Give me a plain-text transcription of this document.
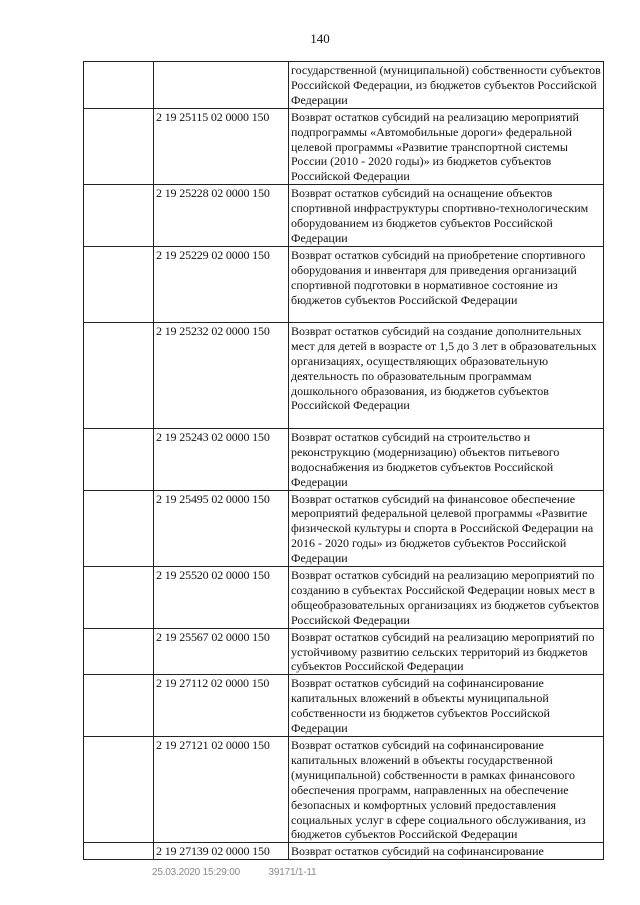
140
		государственной (муниципальной) собственности субъектов Российской Федерации, из бюджетов субъектов Российской Федерации
	2 19 25115 02 0000 150	Возврат остатков субсидий на реализацию мероприятий подпрограммы «Автомобильные дороги» федеральной целевой программы «Развитие транспортной системы России (2010 - 2020 годы)» из бюджетов субъектов Российской Федерации
	2 19 25228 02 0000 150	Возврат остатков субсидий на оснащение объектов спортивной инфраструктуры спортивно-технологическим оборудованием из бюджетов субъектов Российской Федерации
	2 19 25229 02 0000 150	Возврат остатков субсидий на приобретение спортивного оборудования и инвентаря для приведения организаций спортивной подготовки в нормативное состояние из бюджетов субъектов Российской Федерации
	2 19 25232 02 0000 150	Возврат остатков субсидий на создание дополнительных мест для детей в возрасте от 1,5 до 3 лет в образовательных организациях, осуществляющих образовательную деятельность по образовательным программам дошкольного образования, из бюджетов субъектов Российской Федерации
	2 19 25243 02 0000 150	Возврат остатков субсидий на строительство и реконструкцию (модернизацию) объектов питьевого водоснабжения из бюджетов субъектов Российской Федерации
	2 19 25495 02 0000 150	Возврат остатков субсидий на финансовое обеспечение мероприятий федеральной целевой программы «Развитие физической культуры и спорта в Российской Федерации на 2016 - 2020 годы» из бюджетов субъектов Российской Федерации
	2 19 25520 02 0000 150	Возврат остатков субсидий на реализацию мероприятий по созданию в субъектах Российской Федерации новых мест в общеобразовательных организациях из бюджетов субъектов Российской Федерации
	2 19 25567 02 0000 150	Возврат остатков субсидий на реализацию мероприятий по устойчивому развитию сельских территорий из бюджетов субъектов Российской Федерации
	2 19 27112 02 0000 150	Возврат остатков субсидий на софинансирование капитальных вложений в объекты муниципальной собственности из бюджетов субъектов Российской Федерации
	2 19 27121 02 0000 150	Возврат остатков субсидий на софинансирование капитальных вложений в объекты государственной (муниципальной) собственности в рамках финансового обеспечения программ, направленных на обеспечение безопасных и комфортных условий предоставления социальных услуг в сфере социального обслуживания, из бюджетов субъектов Российской Федерации
	2 19 27139 02 0000 150	Возврат остатков субсидий на софинансирование
25.03.2020 15:29:00	39171/1-11
